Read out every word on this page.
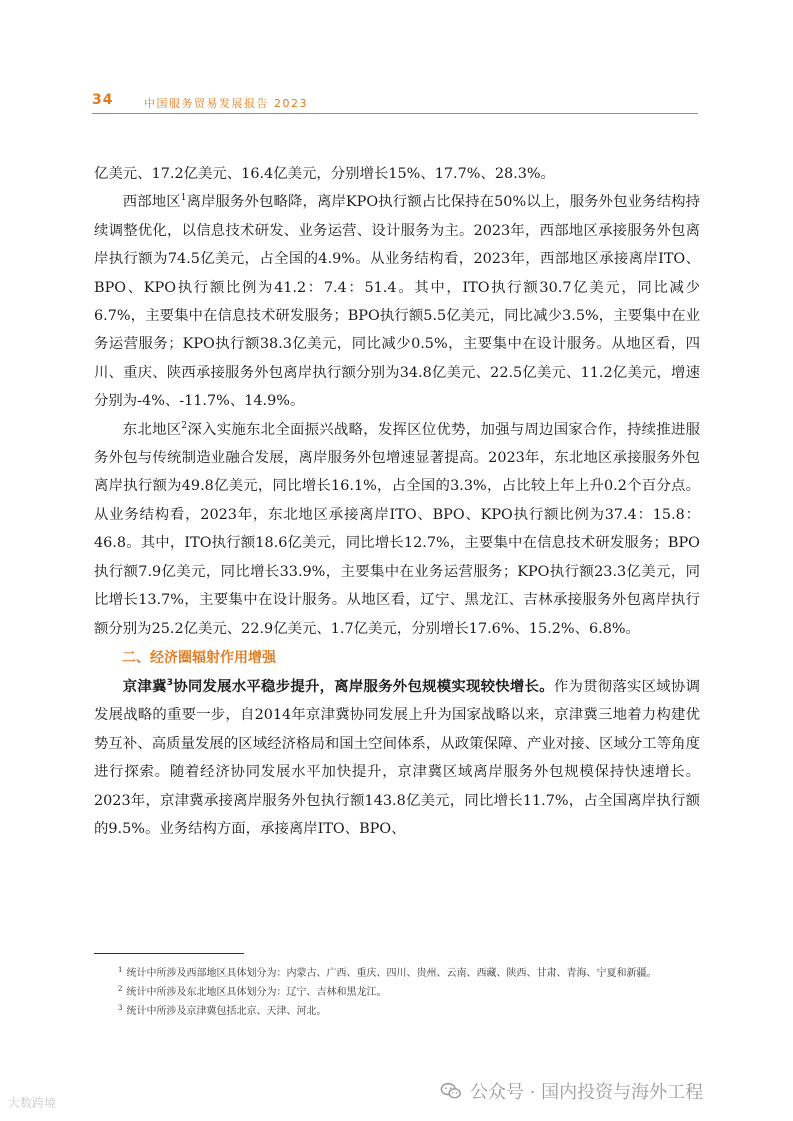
34	中国服务贸易发展报告 2023

亿美元、17.2亿美元、16.4亿美元，分别增长15%、17.7%、28.3%。

西部地区$^1$离岸服务外包略降，离岸KPO执行额占比保持在50%以上，服务外包业务结构持续调整优化，以信息技术研发、业务运营、设计服务为主。2023年，西部地区承接服务外包离岸执行额为74.5亿美元，占全国的4.9%。从业务结构看，2023年，西部地区承接离岸ITO、BPO、KPO执行额比例为41.2：7.4：51.4。其中，ITO执行额30.7亿美元，同比减少6.7%，主要集中在信息技术研发服务；BPO执行额5.5亿美元，同比减少3.5%，主要集中在业务运营服务；KPO执行额38.3亿美元，同比减少0.5%，主要集中在设计服务。从地区看，四川、重庆、陕西承接服务外包离岸执行额分别为34.8亿美元、22.5亿美元、11.2亿美元，增速分别为-4%、-11.7%、14.9%。

东北地区$^2$深入实施东北全面振兴战略，发挥区位优势，加强与周边国家合作，持续推进服务外包与传统制造业融合发展，离岸服务外包增速显著提高。2023年，东北地区承接服务外包离岸执行额为49.8亿美元，同比增长16.1%，占全国的3.3%，占比较上年上升0.2个百分点。从业务结构看，2023年，东北地区承接离岸ITO、BPO、KPO执行额比例为37.4：15.8：46.8。其中，ITO执行额18.6亿美元，同比增长12.7%，主要集中在信息技术研发服务；BPO执行额7.9亿美元，同比增长33.9%，主要集中在业务运营服务；KPO执行额23.3亿美元，同比增长13.7%，主要集中在设计服务。从地区看，辽宁、黑龙江、吉林承接服务外包离岸执行额分别为25.2亿美元、22.9亿美元、1.7亿美元，分别增长17.6%、15.2%、6.8%。

二、经济圈辐射作用增强

京津冀$^3$协同发展水平稳步提升，离岸服务外包规模实现较快增长。作为贯彻落实区域协调发展战略的重要一步，自2014年京津冀协同发展上升为国家战略以来，京津冀三地着力构建优势互补、高质量发展的区域经济格局和国土空间体系，从政策保障、产业对接、区域分工等角度进行探索。随着经济协同发展水平加快提升，京津冀区域离岸服务外包规模保持快速增长。2023年，京津冀承接离岸服务外包执行额143.8亿美元，同比增长11.7%，占全国离岸执行额的9.5%。业务结构方面，承接离岸ITO、BPO、

$^1$ 统计中所涉及西部地区具体划分为：内蒙古、广西、重庆、四川、贵州、云南、西藏、陕西、甘肃、青海、宁夏和新疆。

$^2$ 统计中所涉及东北地区具体划分为：辽宁、吉林和黑龙江。

$^3$ 统计中所涉及京津冀包括北京、天津、河北。

大数跨境	公众号 · 国内投资与海外工程
